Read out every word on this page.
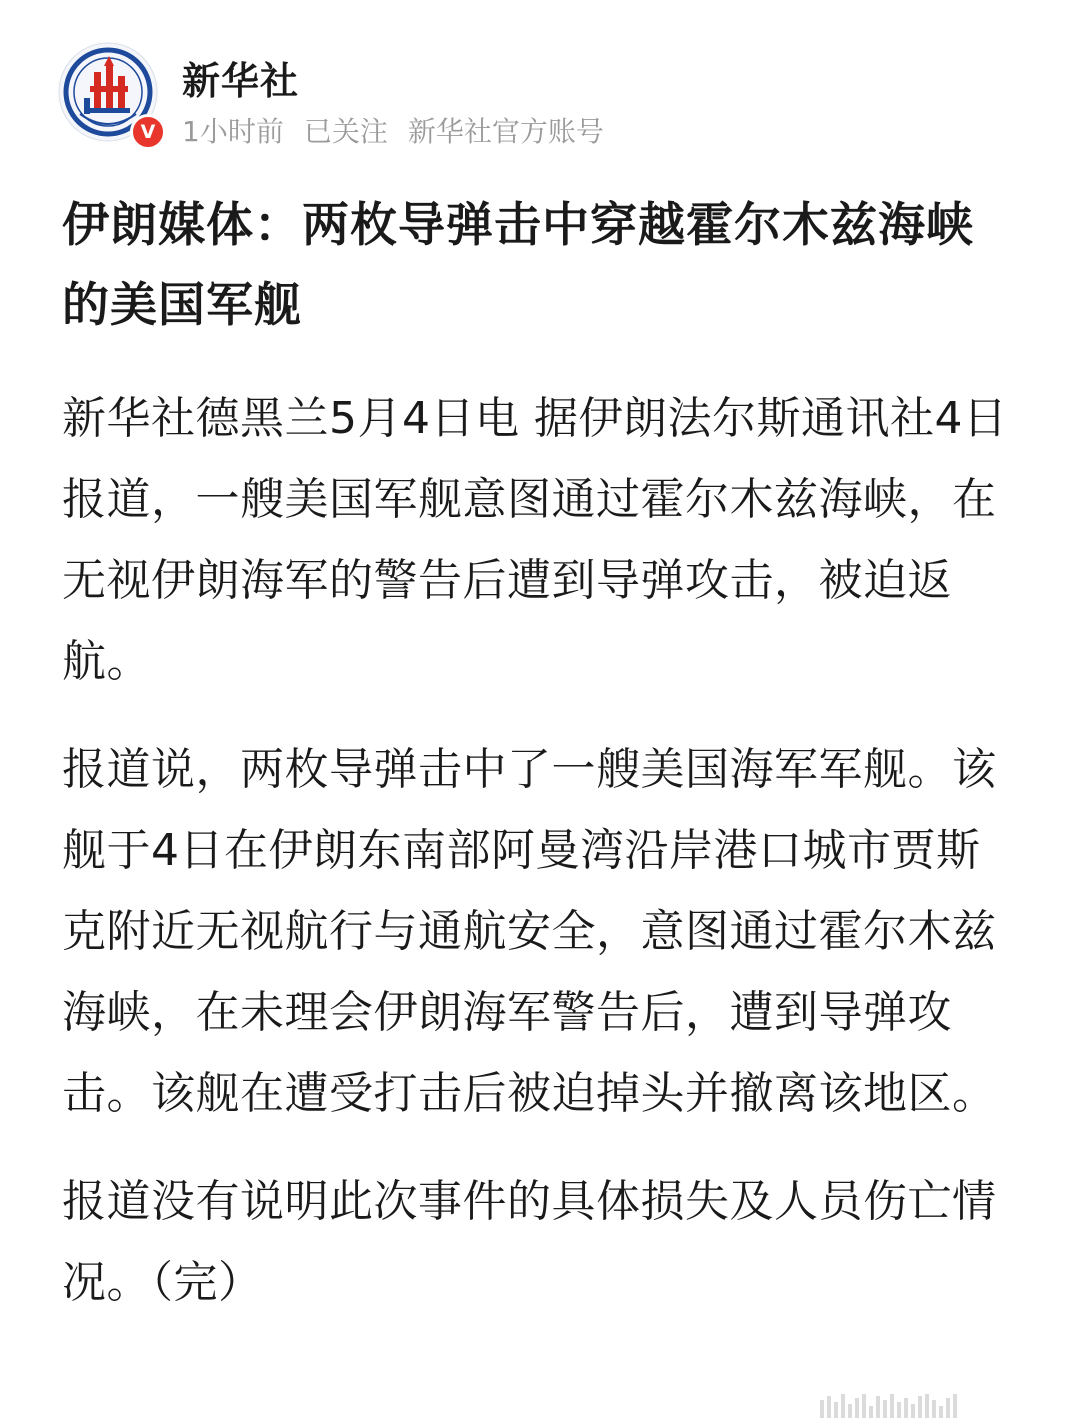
V
新华社
1小时前 已关注 新华社官方账号
伊朗媒体：两枚导弹击中穿越霍尔木兹海峡的美国军舰

新华社德黑兰5月4日电 据伊朗法尔斯通讯社4日报道，一艘美国军舰意图通过霍尔木兹海峡，在无视伊朗海军的警告后遭到导弹攻击，被迫返航。

报道说，两枚导弹击中了一艘美国海军军舰。该舰于4日在伊朗东南部阿曼湾沿岸港口城市贾斯克附近无视航行与通航安全，意图通过霍尔木兹海峡，在未理会伊朗海军警告后，遭到导弹攻击。该舰在遭受打击后被迫掉头并撤离该地区。

报道没有说明此次事件的具体损失及人员伤亡情况。（完）
